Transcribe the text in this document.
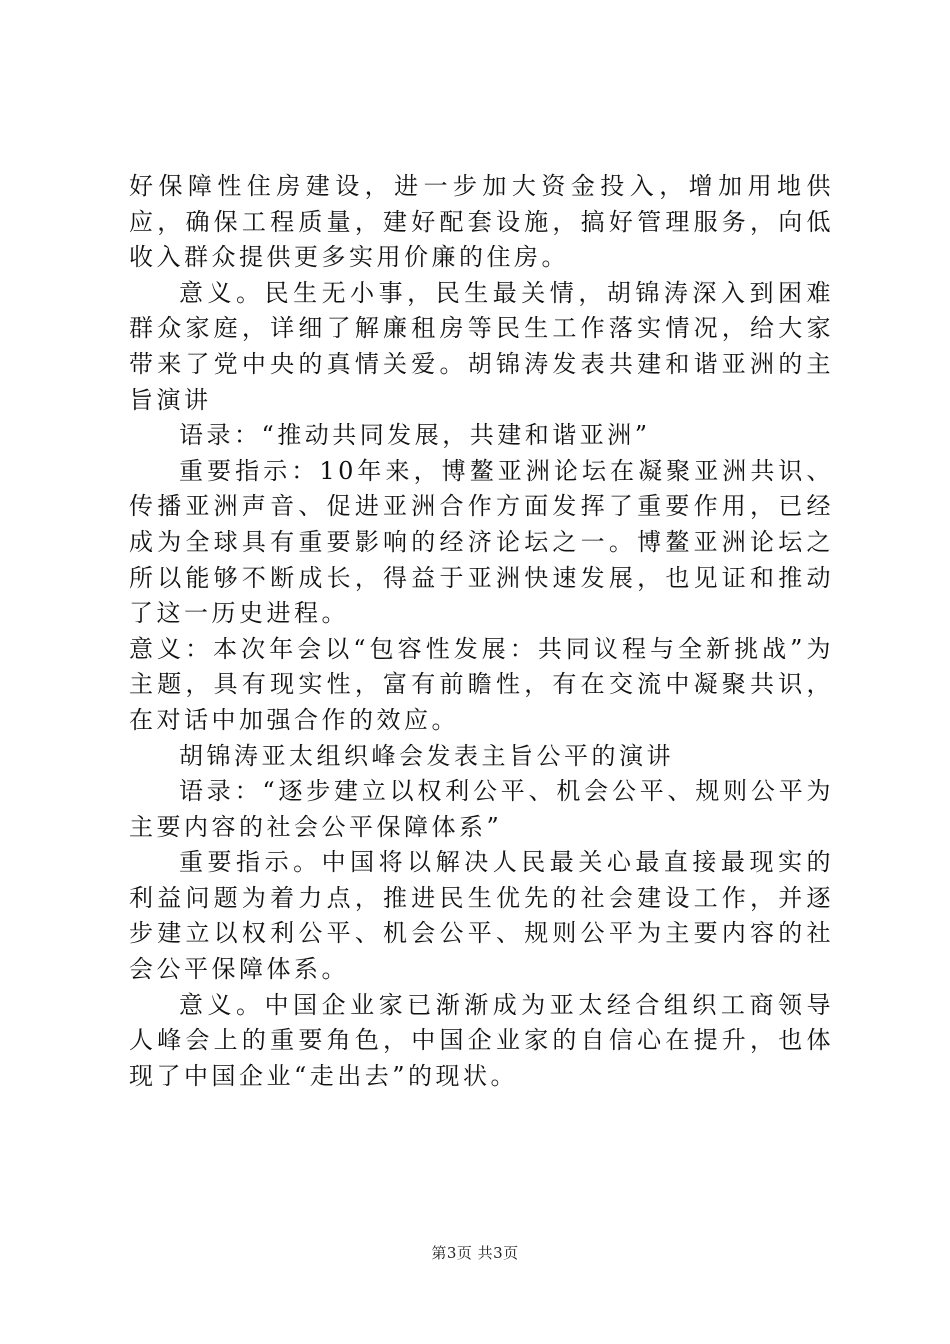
好保障性住房建设，进一步加大资金投入，增加用地供应，确保工程质量，建好配套设施，搞好管理服务，向低收入群众提供更多实用价廉的住房。

意义。民生无小事，民生最关情，胡锦涛深入到困难群众家庭，详细了解廉租房等民生工作落实情况，给大家带来了党中央的真情关爱。胡锦涛发表共建和谐亚洲的主旨演讲

语录：“推动共同发展，共建和谐亚洲”

重要指示：10年来，博鳌亚洲论坛在凝聚亚洲共识、传播亚洲声音、促进亚洲合作方面发挥了重要作用，已经成为全球具有重要影响的经济论坛之一。博鳌亚洲论坛之所以能够不断成长，得益于亚洲快速发展，也见证和推动了这一历史进程。

意义：本次年会以“包容性发展：共同议程与全新挑战”为主题，具有现实性，富有前瞻性，有在交流中凝聚共识，在对话中加强合作的效应。

胡锦涛亚太组织峰会发表主旨公平的演讲

语录：“逐步建立以权利公平、机会公平、规则公平为主要内容的社会公平保障体系”

重要指示。中国将以解决人民最关心最直接最现实的利益问题为着力点，推进民生优先的社会建设工作，并逐步建立以权利公平、机会公平、规则公平为主要内容的社会公平保障体系。

意义。中国企业家已渐渐成为亚太经合组织工商领导人峰会上的重要角色，中国企业家的自信心在提升，也体现了中国企业“走出去”的现状。

第3页 共3页
